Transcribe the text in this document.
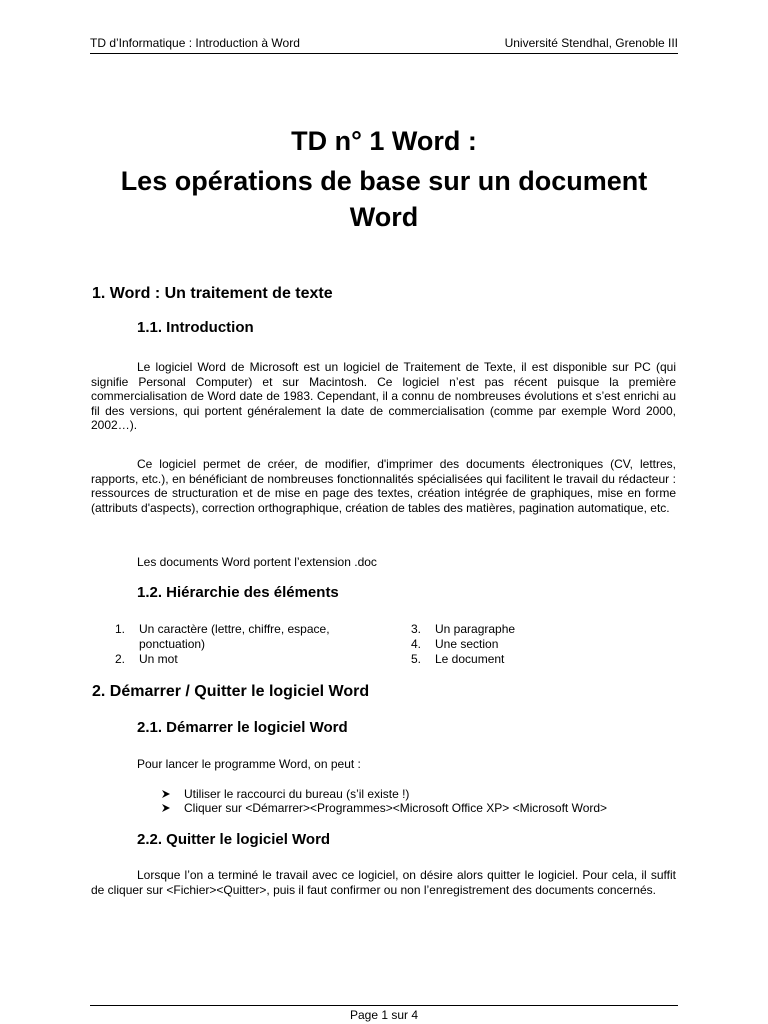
TD d’Informatique : Introduction à Word	Université Stendhal, Grenoble III
TD n° 1 Word :
Les opérations de base sur un document
Word
1. Word : Un traitement de texte
1.1. Introduction
Le logiciel Word de Microsoft est un logiciel de Traitement de Texte, il est disponible sur PC (qui signifie Personal Computer) et sur Macintosh. Ce logiciel n’est pas récent puisque la première commercialisation de Word date de 1983. Cependant, il a connu de nombreuses évolutions et s’est enrichi au fil des versions, qui portent généralement la date de commercialisation (comme par exemple Word 2000, 2002…).
Ce logiciel permet de créer, de modifier, d'imprimer des documents électroniques (CV, lettres, rapports, etc.), en bénéficiant de nombreuses fonctionnalités spécialisées qui facilitent le travail du rédacteur : ressources de structuration et de mise en page des textes, création intégrée de graphiques, mise en forme (attributs d'aspects), correction orthographique, création de tables des matières, pagination automatique, etc.
Les documents Word portent l’extension .doc
1.2. Hiérarchie des éléments
1. Un caractère (lettre, chiffre, espace,
ponctuation)
2. Un mot
3. Un paragraphe
4. Une section
5. Le document
2. Démarrer / Quitter le logiciel Word
2.1. Démarrer le logiciel Word
Pour lancer le programme Word, on peut :
Utiliser le raccourci du bureau (s’il existe !)
Cliquer sur <Démarrer><Programmes><Microsoft Office XP> <Microsoft Word>
2.2. Quitter le logiciel Word
Lorsque l’on a terminé le travail avec ce logiciel, on désire alors quitter le logiciel. Pour cela, il suffit de cliquer sur <Fichier><Quitter>, puis il faut confirmer ou non l’enregistrement des documents concernés.
Page 1 sur 4
